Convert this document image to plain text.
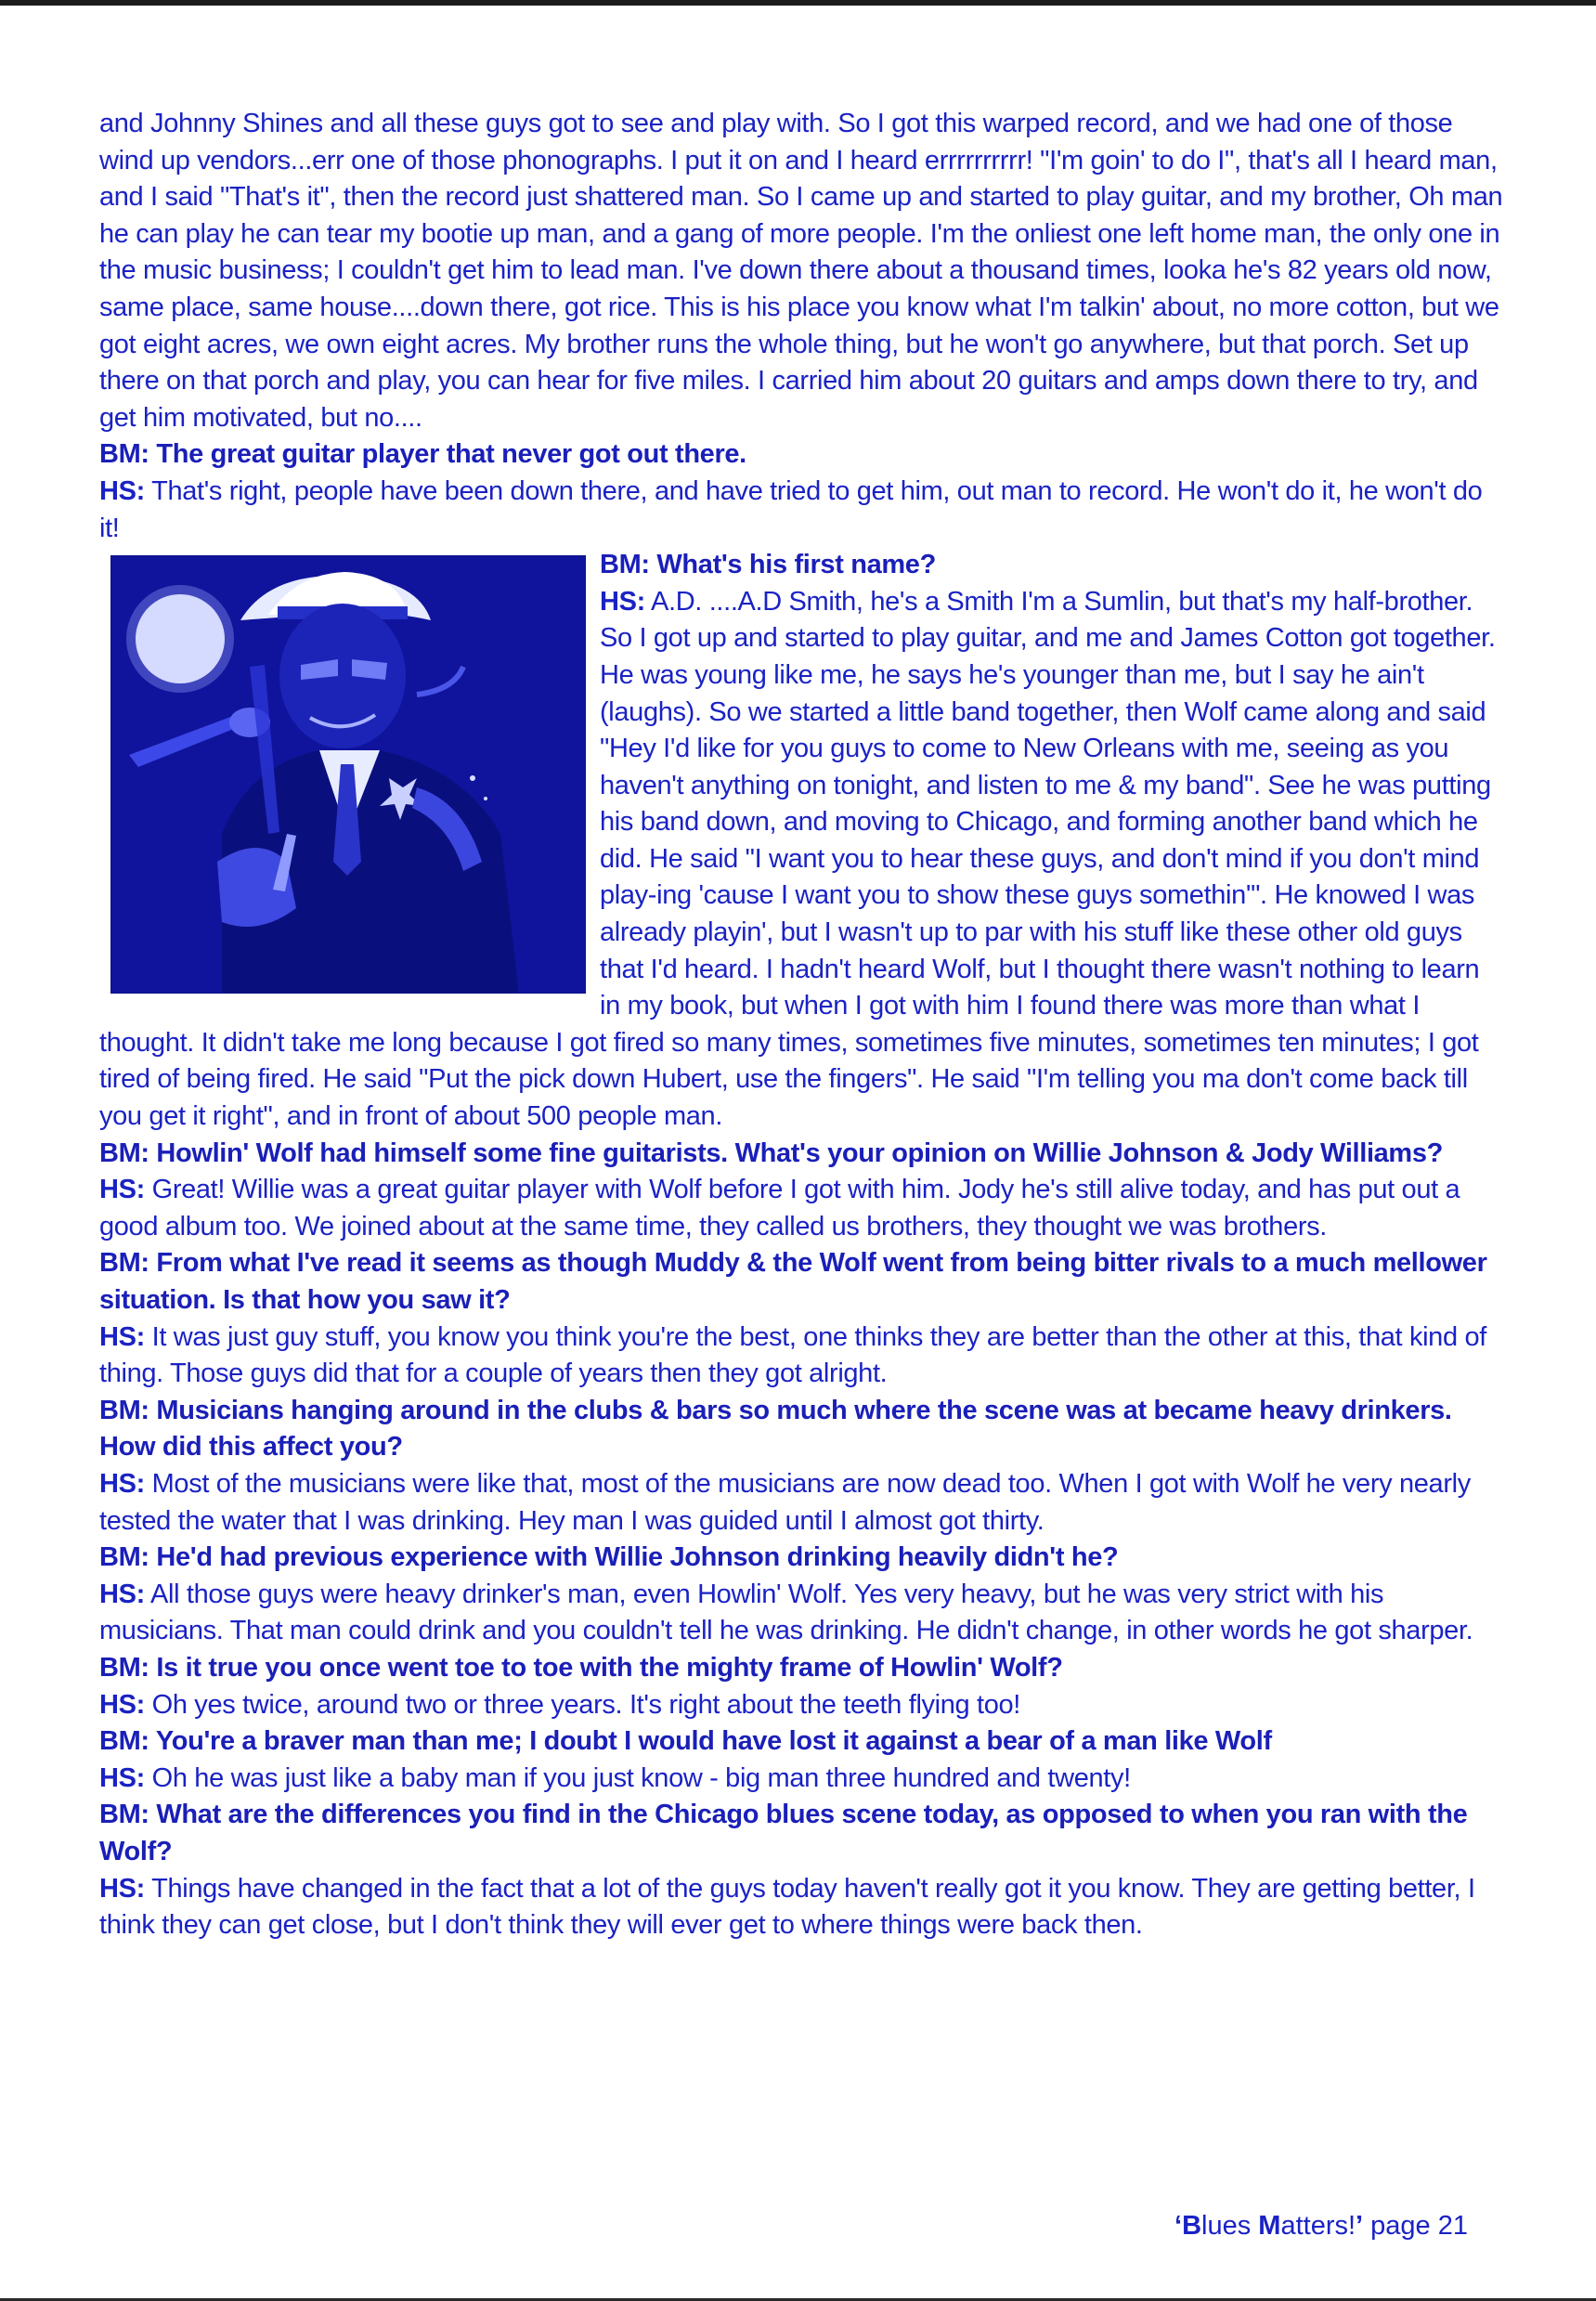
and Johnny Shines and all these guys got to see and play with. So I got this warped record, and we had one of those wind up vendors...err one of those phonographs. I put it on and I heard errrrrrrrrr! "I'm goin' to do I", that's all I heard man, and I said "That's it", then the record just shattered man. So I came up and started to play guitar, and my brother, Oh man he can play he can tear my bootie up man, and a gang of more people. I'm the onliest one left home man, the only one in the music business; I couldn't get him to lead man. I've down there about a thousand times, looka he's 82 years old now, same place, same house....down there, got rice. This is his place you know what I'm talkin' about, no more cotton, but we got eight acres, we own eight acres. My brother runs the whole thing, but he won't go anywhere, but that porch. Set up there on that porch and play, you can hear for five miles. I carried him about 20 guitars and amps down there to try, and get him motivated, but no....

BM: The great guitar player that never got out there.

HS: That's right, people have been down there, and have tried to get him, out man to record. He won't do it, he won't do it!

BM: What's his first name?

HS: A.D. ....A.D Smith, he's a Smith I'm a Sumlin, but that's my half-brother. So I got up and started to play guitar, and me and James Cotton got together. He was young like me, he says he's younger than me, but I say he ain't (laughs). So we started a little band together, then Wolf came along and said "Hey I'd like for you guys to come to New Orleans with me, seeing as you haven't anything on tonight, and listen to me & my band". See he was putting his band down, and moving to Chicago, and forming another band which he did. He said "I want you to hear these guys, and don't mind if you don't mind play-ing 'cause I want you to show these guys somethin'". He knowed I was already playin', but I wasn't up to par with his stuff like these other old guys that I'd heard. I hadn't heard Wolf, but I thought there wasn't nothing to learn in my book, but when I got with him I found there was more than what I thought. It didn't take me long because I got fired so many times, sometimes five minutes, sometimes ten minutes; I got tired of being fired. He said "Put the pick down Hubert, use the fingers". He said "I'm telling you ma don't come back till you get it right", and in front of about 500 people man.

BM: Howlin' Wolf had himself some fine guitarists. What's your opinion on Willie Johnson & Jody Williams?

HS: Great! Willie was a great guitar player with Wolf before I got with him. Jody he's still alive today, and has put out a good album too. We joined about at the same time, they called us brothers, they thought we was brothers.

BM: From what I've read it seems as though Muddy & the Wolf went from being bitter rivals to a much mellower situation. Is that how you saw it?

HS: It was just guy stuff, you know you think you're the best, one thinks they are better than the other at this, that kind of thing. Those guys did that for a couple of years then they got alright.

BM: Musicians hanging around in the clubs & bars so much where the scene was at became heavy drinkers. How did this affect you?

HS: Most of the musicians were like that, most of the musicians are now dead too. When I got with Wolf he very nearly tested the water that I was drinking. Hey man I was guided until I almost got thirty.

BM: He'd had previous experience with Willie Johnson drinking heavily didn't he?

HS: All those guys were heavy drinker's man, even Howlin' Wolf. Yes very heavy, but he was very strict with his musicians. That man could drink and you couldn't tell he was drinking. He didn't change, in other words he got sharper.

BM: Is it true you once went toe to toe with the mighty frame of Howlin' Wolf?

HS: Oh yes twice, around two or three years. It's right about the teeth flying too!

BM: You're a braver man than me; I doubt I would have lost it against a bear of a man like Wolf

HS: Oh he was just like a baby man if you just know - big man three hundred and twenty!

BM: What are the differences you find in the Chicago blues scene today, as opposed to when you ran with the Wolf?

HS: Things have changed in the fact that a lot of the guys today haven't really got it you know. They are getting better, I think they can get close, but I don't think they will ever get to where things were back then.

‘Blues Matters!’ page 21
